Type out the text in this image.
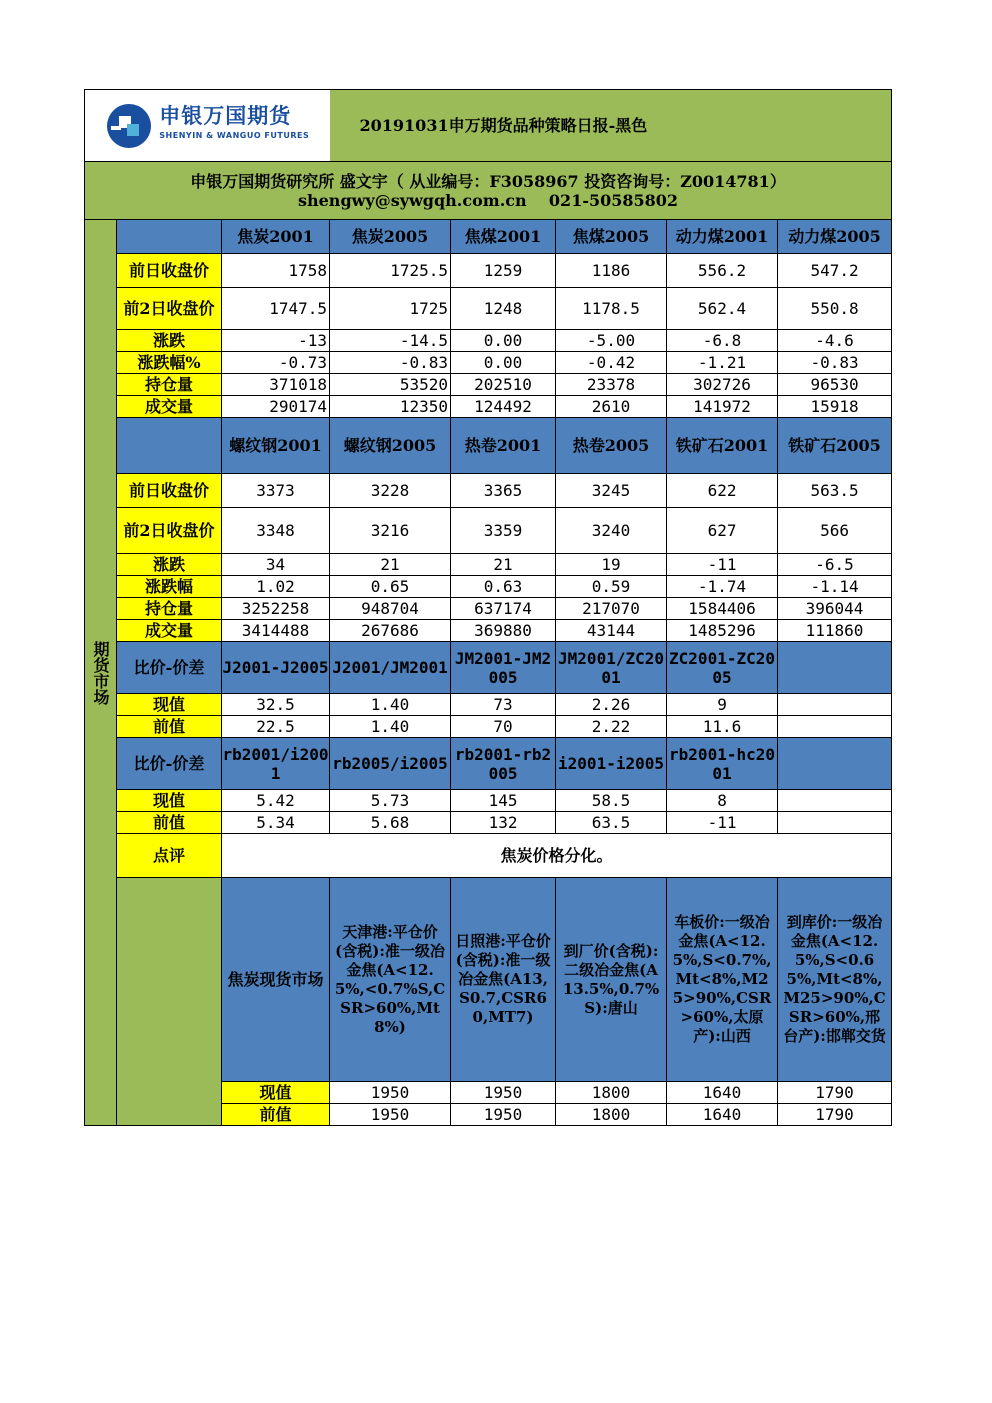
申银万国期货
SHENYIN & WANGUO FUTURES			20191031申万期货品种策略日报-黑色					

申银万国期货研究所 盛文宇（ 从业编号：F3058967 投资咨询号：Z0014781）
shengwy@sywgqh.com.cn    021-50585802								

期货市场		焦炭2001	焦炭2005	焦煤2001	焦煤2005	动力煤2001	动力煤2005	
	前日收盘价	1758	1725.5	1259	1186	556.2	547.2	
	前2日收盘价	1747.5	1725	1248	1178.5	562.4	550.8	
	涨跌	-13	-14.5	0.00	-5.00	-6.8	-4.6	
	涨跌幅%	-0.73	-0.83	0.00	-0.42	-1.21	-0.83	
	持仓量	371018	53520	202510	23378	302726	96530	
	成交量	290174	12350	124492	2610	141972	15918	
		螺纹钢2001	螺纹钢2005	热卷2001	热卷2005	铁矿石2001	铁矿石2005	
	前日收盘价	3373	3228	3365	3245	622	563.5	
	前2日收盘价	3348	3216	3359	3240	627	566	
	涨跌	34	21	21	19	-11	-6.5	
	涨跌幅	1.02	0.65	0.63	0.59	-1.74	-1.14	
	持仓量	3252258	948704	637174	217070	1584406	396044	
	成交量	3414488	267686	369880	43144	1485296	111860	
	比价-价差	J2001-J2005	J2001/JM2001	JM2001-JM2005	JM2001/ZC2001	ZC2001-ZC2005		
	现值	32.5	1.40	73	2.26	9		
	前值	22.5	1.40	70	2.22	11.6		
	比价-价差	rb2001/i2001	rb2005/i2005	rb2001-rb2005	i2001-i2005	rb2001-hc2001		
	现值	5.42	5.73	145	58.5	8		
	前值	5.34	5.68	132	63.5	-11		
	点评	焦炭价格分化。						
		焦炭现货市场	天津港:平仓价(含税):准一级冶金焦(A<12.5%,<0.7%S,CSR>60%,Mt8%)	日照港:平仓价(含税):准一级冶金焦(A13,S0.7,CSR60,MT7)	到厂价(含税):二级冶金焦(A13.5%,0.7%S):唐山	车板价:一级冶金焦(A<12.5%,S<0.7%,Mt<8%,M25>90%,CSR>60%,太原产):山西	到库价:一级冶金焦(A<12.5%,S<0.65%,Mt<8%,M25>90%,CSR>60%,邢台产):邯郸交货	
		现值	1950	1950	1800	1640	1790	
		前值	1950	1950	1800	1640	1790	
